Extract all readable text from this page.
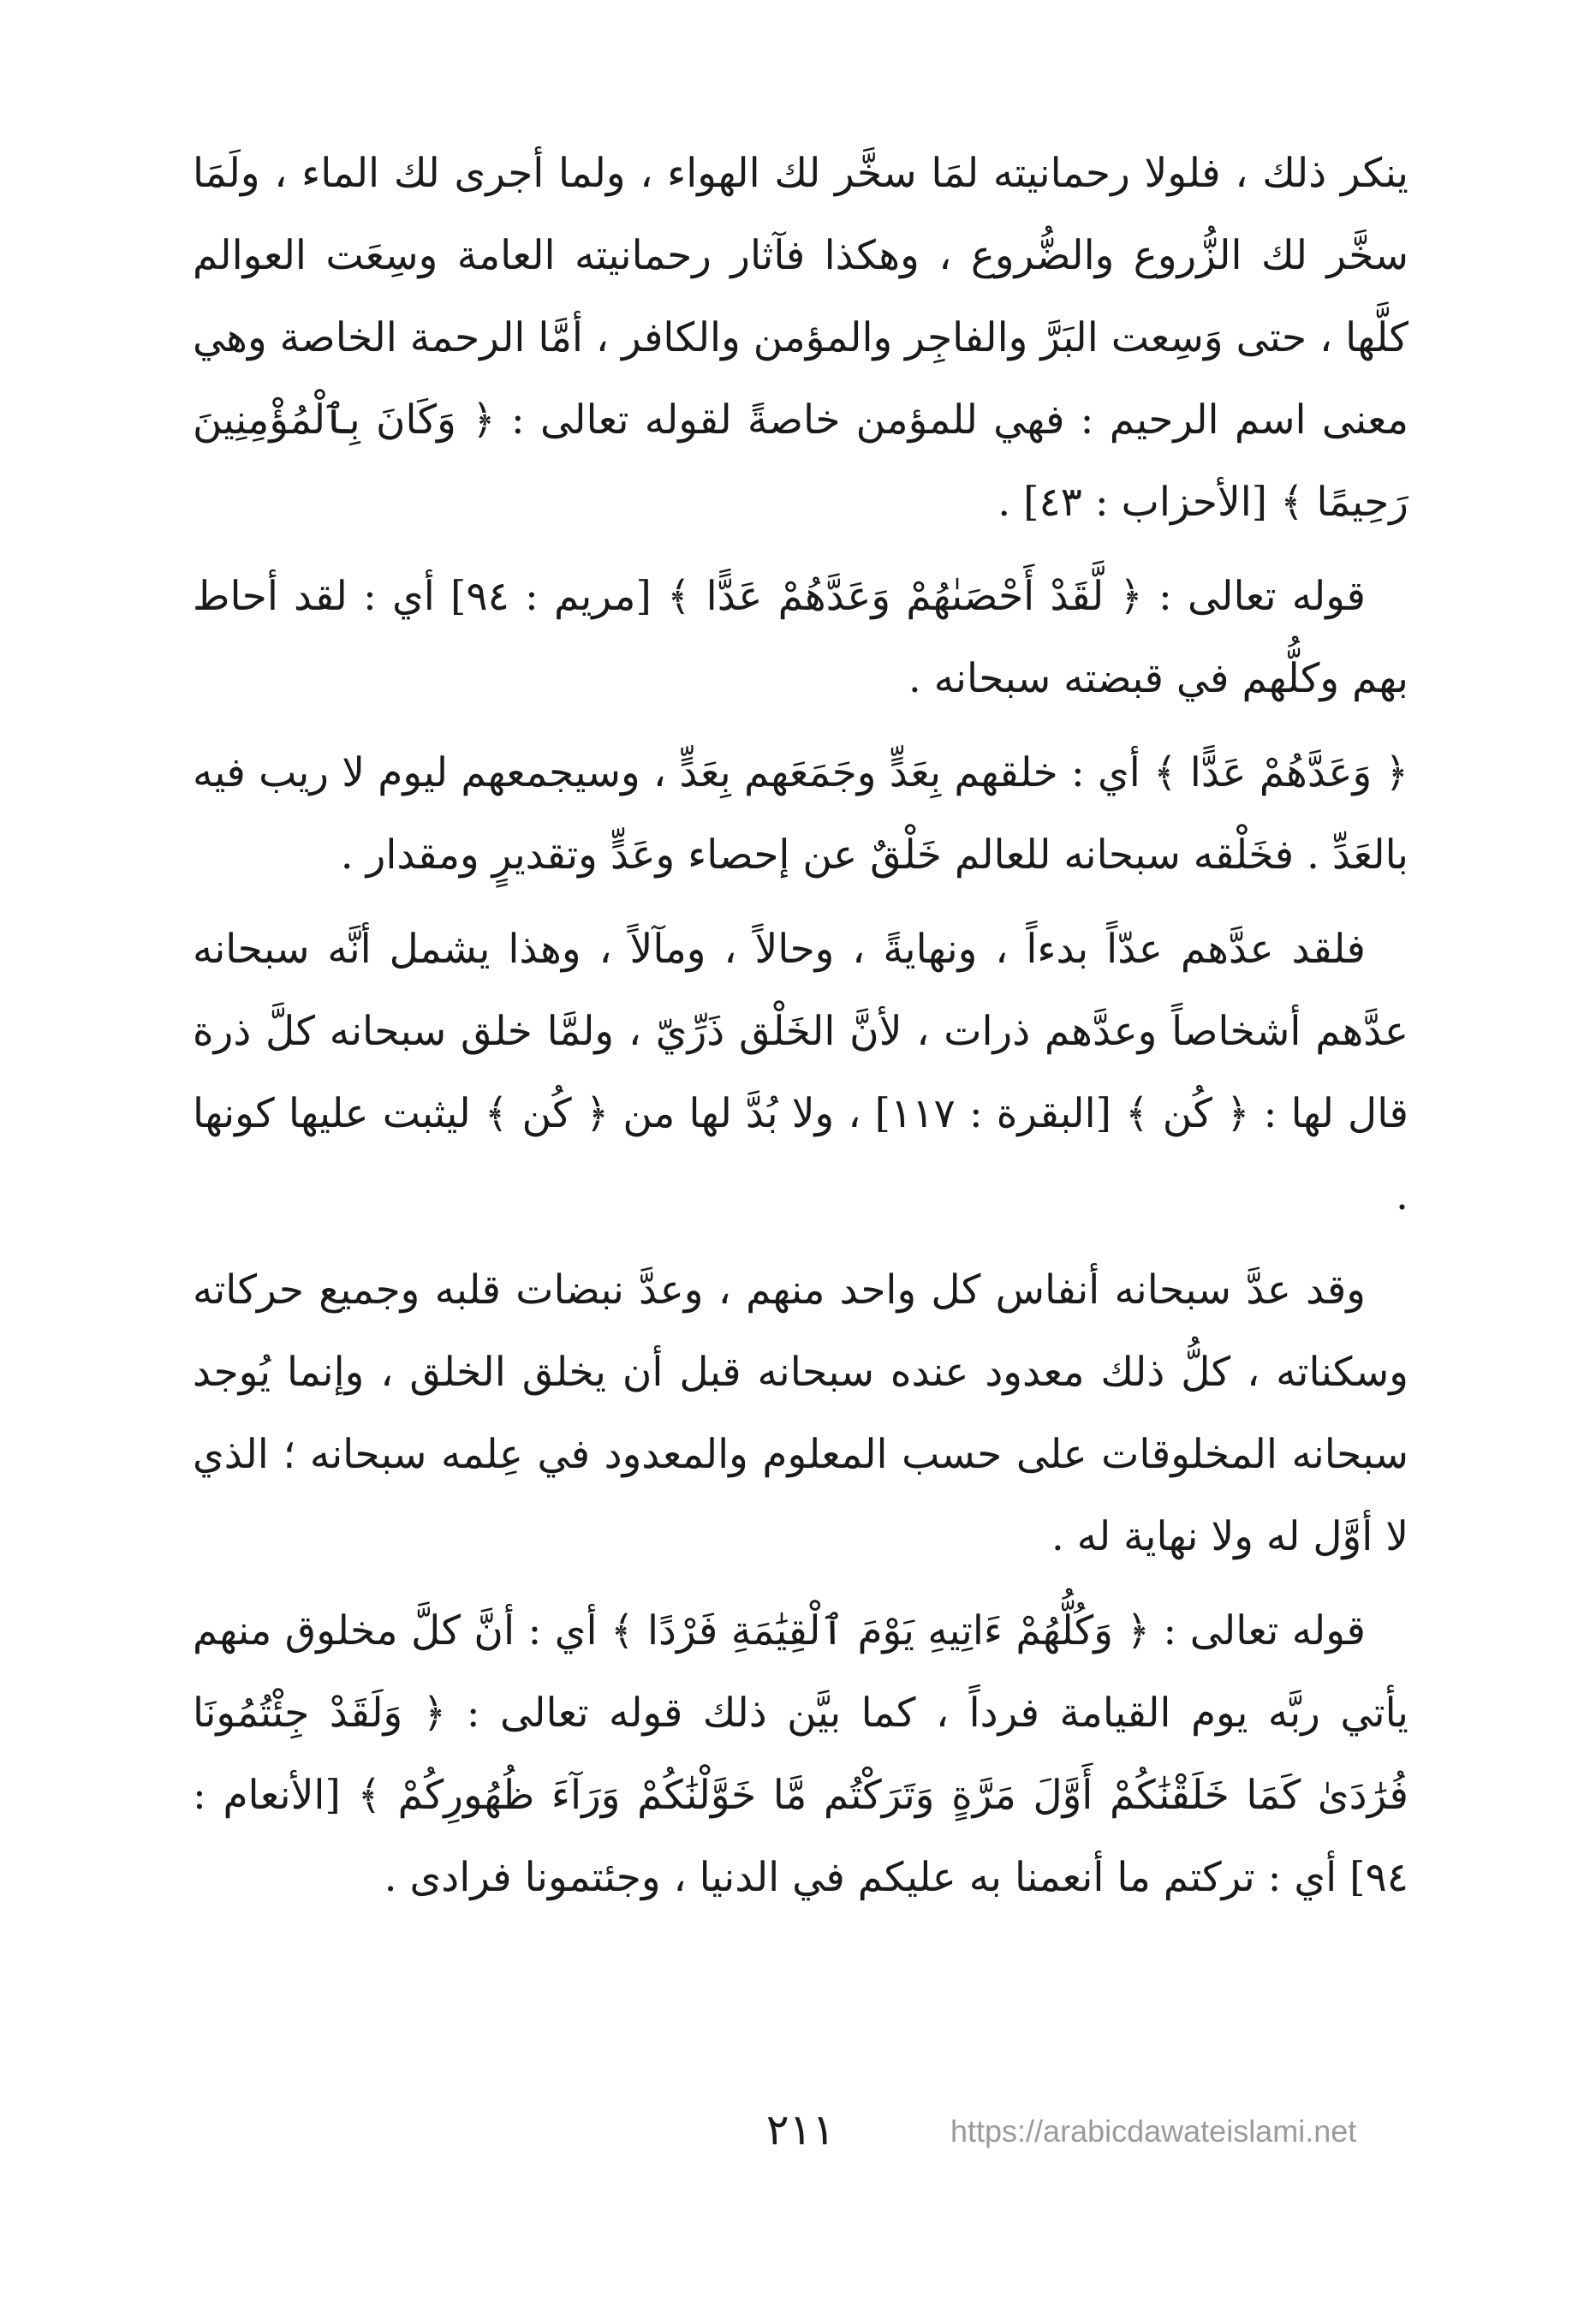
ينكر ذلك ، فلولا رحمانيته لمَا سخَّر لك الهواء ، ولما أجرى لك الماء ، ولَمَا سخَّر لك الزُّروع والضُّروع ، وهكذا فآثار رحمانيته العامة وسِعَت العوالم كلَّها ، حتى وَسِعت البَرَّ والفاجِر والمؤمن والكافر ، أمَّا الرحمة الخاصة وهي معنى اسم الرحيم : فهي للمؤمن خاصةً لقوله تعالى : ﴿ وَكَانَ بِٱلْمُؤْمِنِينَ رَحِيمًا ﴾ [الأحزاب : ٤٣] .

قوله تعالى : ﴿ لَّقَدْ أَحْصَىٰهُمْ وَعَدَّهُمْ عَدًّا ﴾ [مريم : ٩٤] أي : لقد أحاط بهم وكلُّهم في قبضته سبحانه .

﴿ وَعَدَّهُمْ عَدًّا ﴾ أي : خلقهم بِعَدٍّ وجَمَعَهم بِعَدٍّ ، وسيجمعهم ليوم لا ريب فيه بالعَدِّ . فخَلْقه سبحانه للعالم خَلْقٌ عن إحصاء وعَدٍّ وتقديرٍ ومقدار .

فلقد عدَّهم عدّاً بدءاً ، ونهايةً ، وحالاً ، ومآلاً ، وهذا يشمل أنَّه سبحانه عدَّهم أشخاصاً وعدَّهم ذرات ، لأنَّ الخَلْق ذَرِّيّ ، ولمَّا خلق سبحانه كلَّ ذرة قال لها : ﴿ كُن ﴾ [البقرة : ١١٧] ، ولا بُدَّ لها من ﴿ كُن ﴾ ليثبت عليها كونها .

وقد عدَّ سبحانه أنفاس كل واحد منهم ، وعدَّ نبضات قلبه وجميع حركاته وسكناته ، كلُّ ذلك معدود عنده سبحانه قبل أن يخلق الخلق ، وإنما يُوجد سبحانه المخلوقات على حسب المعلوم والمعدود في عِلمه سبحانه ؛ الذي لا أوَّل له ولا نهاية له .

قوله تعالى : ﴿ وَكُلُّهُمْ ءَاتِيهِ يَوْمَ ٱلْقِيَٰمَةِ فَرْدًا ﴾ أي : أنَّ كلَّ مخلوق منهم يأتي ربَّه يوم القيامة فرداً ، كما بيَّن ذلك قوله تعالى : ﴿ وَلَقَدْ جِئْتُمُونَا فُرَٰدَىٰ كَمَا خَلَقْنَٰكُمْ أَوَّلَ مَرَّةٍ وَتَرَكْتُم مَّا خَوَّلْنَٰكُمْ وَرَآءَ ظُهُورِكُمْ ﴾ [الأنعام : ٩٤] أي : تركتم ما أنعمنا به عليكم في الدنيا ، وجئتمونا فرادى .

٢١١	https://arabicdawateislami.net
